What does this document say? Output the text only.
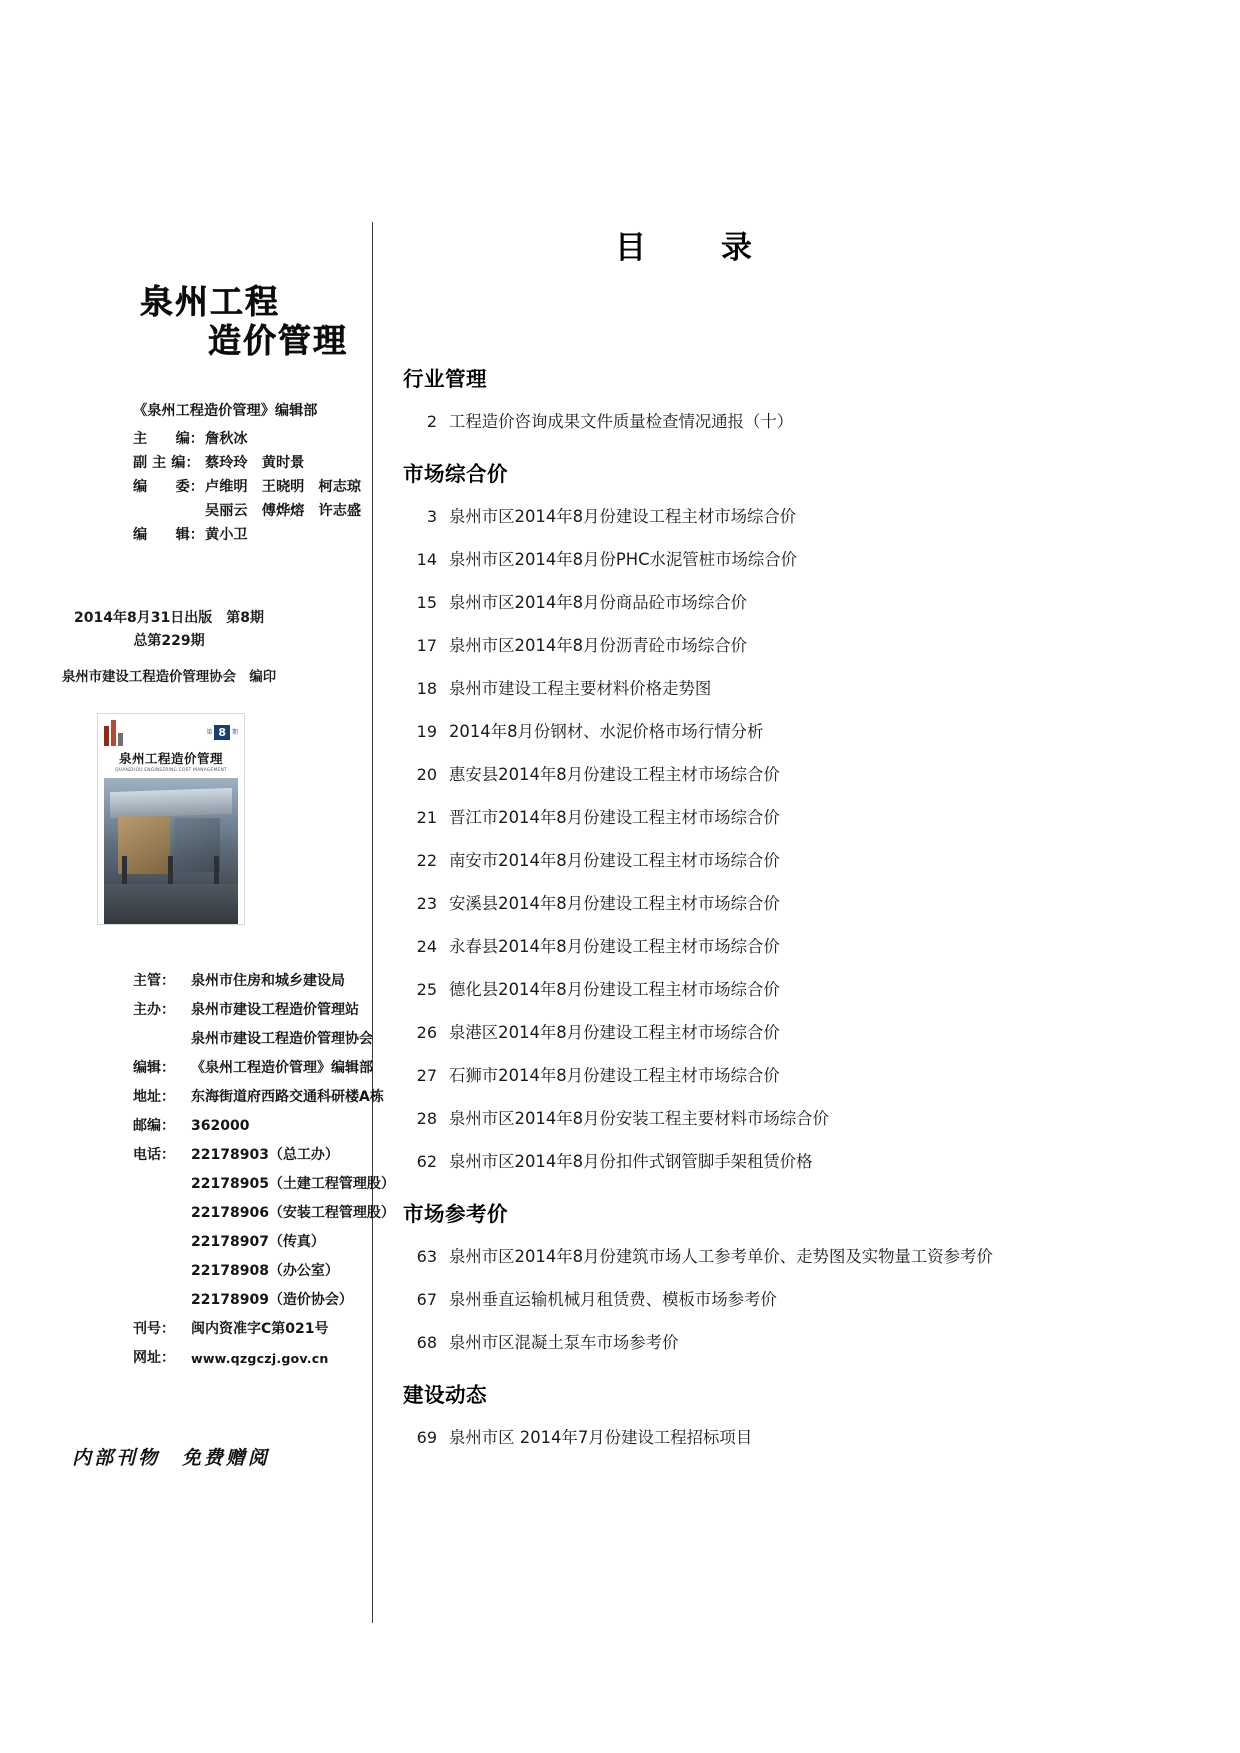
泉州工程
造价管理
《泉州工程造价管理》编辑部
主　　编： 詹秋冰
副 主 编： 蔡玲玲　黄时景
编　　委： 卢维明　王晓明　柯志琼
吴丽云　傅烨熔　许志盛
编　　辑： 黄小卫
2014年8月31日出版　第8期
总第229期
泉州市建设工程造价管理协会　编印
第 8	期
泉州工程造价管理
QUANZHOU ENGINEERING COST MANAGEMENT
主管：	泉州市住房和城乡建设局
主办：	泉州市建设工程造价管理站
泉州市建设工程造价管理协会
编辑：	《泉州工程造价管理》编辑部
地址：	东海街道府西路交通科研楼A栋
邮编：	362000
电话：	22178903（总工办）
22178905（土建工程管理股）
22178906（安装工程管理股）
22178907（传真）
22178908（办公室）
22178909（造价协会）
刊号：	闽内资准字C第021号
网址：	www.qzgczj.gov.cn
内部刊物 免费赠阅
目　录
行业管理
2 工程造价咨询成果文件质量检查情况通报（十）
市场综合价
3 泉州市区2014年8月份建设工程主材市场综合价
14 泉州市区2014年8月份PHC水泥管桩市场综合价
15 泉州市区2014年8月份商品砼市场综合价
17 泉州市区2014年8月份沥青砼市场综合价
18 泉州市建设工程主要材料价格走势图
19 2014年8月份钢材、水泥价格市场行情分析
20 惠安县2014年8月份建设工程主材市场综合价
21 晋江市2014年8月份建设工程主材市场综合价
22 南安市2014年8月份建设工程主材市场综合价
23 安溪县2014年8月份建设工程主材市场综合价
24 永春县2014年8月份建设工程主材市场综合价
25 德化县2014年8月份建设工程主材市场综合价
26 泉港区2014年8月份建设工程主材市场综合价
27 石狮市2014年8月份建设工程主材市场综合价
28 泉州市区2014年8月份安装工程主要材料市场综合价
62 泉州市区2014年8月份扣件式钢管脚手架租赁价格
市场参考价
63 泉州市区2014年8月份建筑市场人工参考单价、走势图及实物量工资参考价
67 泉州垂直运输机械月租赁费、模板市场参考价
68 泉州市区混凝土泵车市场参考价
建设动态
69 泉州市区 2014年7月份建设工程招标项目
